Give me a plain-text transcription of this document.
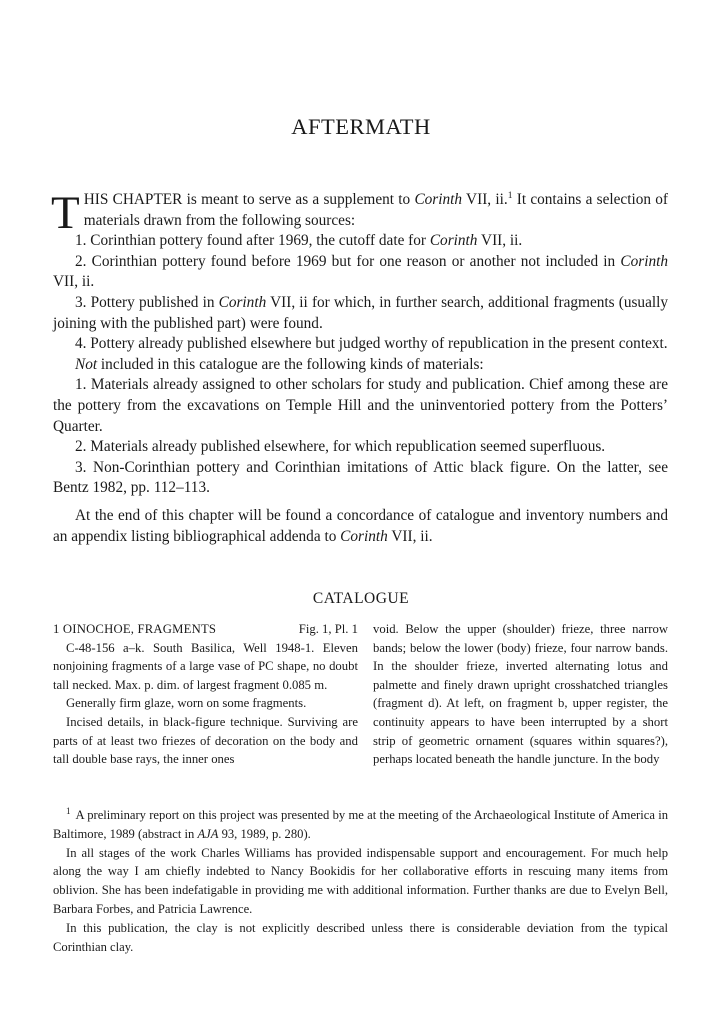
AFTERMATH

THIS CHAPTER is meant to serve as a supplement to Corinth VII, ii.$^1$ It contains a selection of materials drawn from the following sources:

1. Corinthian pottery found after 1969, the cutoff date for Corinth VII, ii.

2. Corinthian pottery found before 1969 but for one reason or another not included in Corinth VII, ii.

3. Pottery published in Corinth VII, ii for which, in further search, additional fragments (usually joining with the published part) were found.

4. Pottery already published elsewhere but judged worthy of republication in the present context.

Not included in this catalogue are the following kinds of materials:

1. Materials already assigned to other scholars for study and publication. Chief among these are the pottery from the excavations on Temple Hill and the uninventoried pottery from the Potters’ Quarter.

2. Materials already published elsewhere, for which republication seemed superfluous.

3. Non-Corinthian pottery and Corinthian imitations of Attic black figure. On the latter, see Bentz 1982, pp. 112–113.

At the end of this chapter will be found a concordance of catalogue and inventory numbers and an appendix listing bibliographical addenda to Corinth VII, ii.

CATALOGUE
1 OINOCHOE, FRAGMENTS	Fig. 1, Pl. 1

C-48-156 a–k. South Basilica, Well 1948-1. Eleven nonjoining fragments of a large vase of PC shape, no doubt tall necked. Max. p. dim. of largest fragment 0.085 m.

Generally firm glaze, worn on some fragments.

Incised details, in black-figure technique. Surviving are parts of at least two friezes of decoration on the body and tall double base rays, the inner ones

void. Below the upper (shoulder) frieze, three narrow bands; below the lower (body) frieze, four narrow bands. In the shoulder frieze, inverted alternating lotus and palmette and finely drawn upright crosshatched triangles (fragment d). At left, on fragment b, upper register, the continuity appears to have been interrupted by a short strip of geometric ornament (squares within squares?), perhaps located beneath the handle juncture. In the body

$^1$ A preliminary report on this project was presented by me at the meeting of the Archaeological Institute of America in Baltimore, 1989 (abstract in AJA 93, 1989, p. 280).

In all stages of the work Charles Williams has provided indispensable support and encouragement. For much help along the way I am chiefly indebted to Nancy Bookidis for her collaborative efforts in rescuing many items from oblivion. She has been indefatigable in providing me with additional information. Further thanks are due to Evelyn Bell, Barbara Forbes, and Patricia Lawrence.

In this publication, the clay is not explicitly described unless there is considerable deviation from the typical Corinthian clay.
